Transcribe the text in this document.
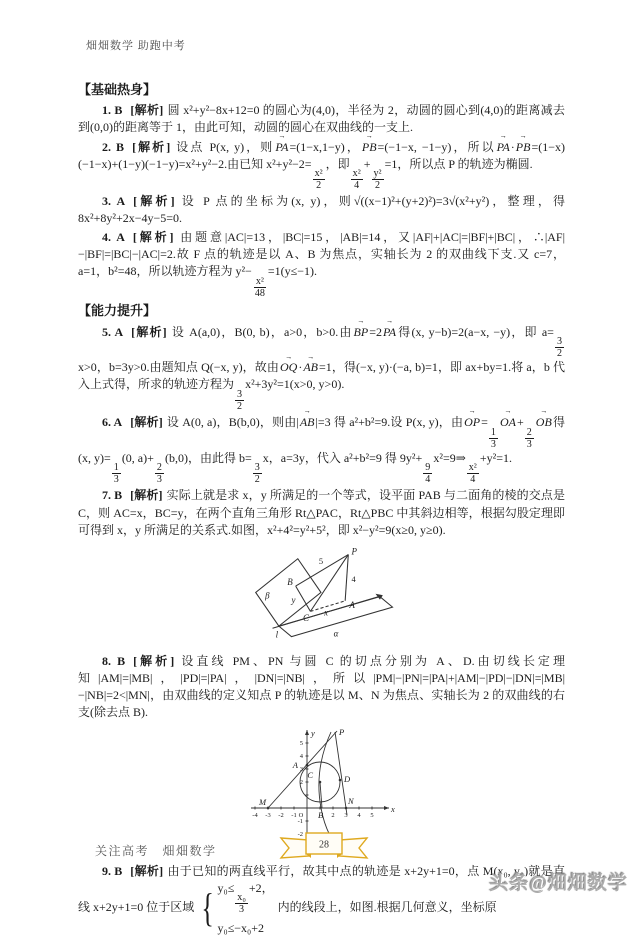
畑畑数学 助跑中考
【基础热身】

1. B [解析] 圆 x²+y²−8x+12=0 的圆心为(4,0)，半径为 2，动圆的圆心到(4,0)的距离减去到(0,0)的距离等于 1，由此可知，动圆的圆心在双曲线的一支上.

2. B [解析] 设点 P(x, y)，则PA →=(1−x,1−y)，PB →=(−1−x, −1−y)，所以PA →·PB →=(1−x)(−1−x)+(1−y)(−1−y)=x²+y²−2.由已知 x²+y²−2=
$\frac{\text{x²}}{2}$
，即
$\frac{\text{x²}}{4}$
+
$\frac{\text{y²}}{2}$
=1，所以点 P 的轨迹为椭圆.

3. A [解析] 设 P 点的坐标为(x, y)，则√((x−1)²+(y+2)²)=3√(x²+y²)，整理，得 8x²+8y²+2x−4y−5=0.

4. A [解析] 由题意|AC|=13，|BC|=15，|AB|=14，又|AF|+|AC|=|BF|+|BC|，∴|AF|−|BF|=|BC|−|AC|=2.故 F 点的轨迹是以 A、B 为焦点，实轴长为 2 的双曲线下支.又 c=7，a=1，b²=48，所以轨迹方程为 y²−
$\frac{\text{x²}}{48}$
=1(y≤−1).

【能力提升】

5. A [解析] 设 A(a,0)，B(0, b)，a>0，b>0.由BP →=2PA →得(x, y−b)=2(a−x, −y)，即 a=
$\frac{3}{2}$
x>0，b=3y>0.由题知点 Q(−x, y)，故由OQ →·AB →=1，得(−x, y)·(−a, b)=1，即 ax+by=1.将 a，b 代入上式得，所求的轨迹方程为
$\frac{3}{2}$
x²+3y²=1(x>0, y>0).

6. A [解析] 设 A(0, a)，B(b,0)，则由|AB →|=3 得 a²+b²=9.设 P(x, y)，由OP →=
$\frac{1}{3}$
OA →+
$\frac{2}{3}$
OB →得(x, y)=
$\frac{1}{3}$
(0, a)+
$\frac{2}{3}$
(b,0)，由此得 b=
$\frac{3}{2}$
x，a=3y，代入 a²+b²=9 得 9y²+
$\frac{9}{4}$
x²=9⇒
$\frac{\text{x²}}{4}$
+y²=1.

7. B [解析] 实际上就是求 x，y 所满足的一个等式，设平面 PAB 与二面角的棱的交点是 C，则 AC=x，BC=y，在两个直角三角形 Rt△PAC，Rt△PBC 中其斜边相等，根据勾股定理即可得到 x，y 所满足的关系式.如图，x²+4²=y²+5²，即 x²−y²=9(x≥0, y≥0).

P
5
4
B
β	y
C
x
A
l	α

8. B [解析] 设直线 PM、PN 与圆 C 的切点分别为 A、D.由切线长定理知|AM|=|MB|，|PD|=|PA|，|DN|=|NB|，所以|PM|−|PN|=|PA|+|AM|−|PD|−|DN|=|MB|−|NB|=2<|MN|，由双曲线的定义知点 P 的轨迹是以 M、N 为焦点、实轴长为 2 的双曲线的右支(除去点 B).

P
A
C	D
M	N
B
O
x
y
-4 -3 -2 -1	2 3 4 5
5
4
3
2
-1
-2

9. B [解析] 由于已知的两直线平行，故其中点的轨迹是 x+2y+1=0，点 M(x₀, y₀)就是直线 x+2y+1=0 位于区域 { y₀≤
$\frac{\text{x₀}}{3}$
+2，
y₀≤−x₀+2
内的线段上，如图.根据几何意义，坐标原

关注高考　畑畑数学	28
头条@畑畑数学
